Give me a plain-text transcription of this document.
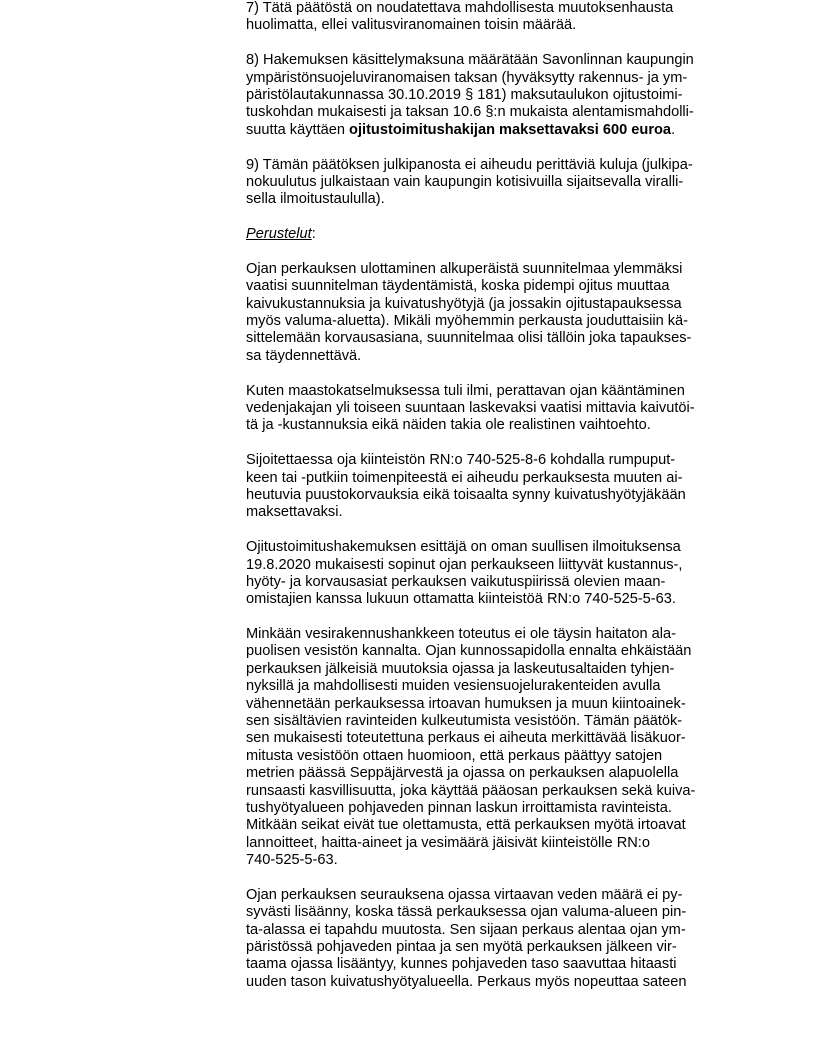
7) Tätä päätöstä on noudatettava mahdollisesta muutoksenhausta
huolimatta, ellei valitusviranomainen toisin määrää.
8) Hakemuksen käsittelymaksuna määrätään Savonlinnan kaupungin
ympäristönsuojeluviranomaisen taksan (hyväksytty rakennus- ja ym-
päristölautakunnassa 30.10.2019 § 181) maksutaulukon ojitustoimi-
tuskohdan mukaisesti ja taksan 10.6 §:n mukaista alentamismahdolli-
suutta käyttäen ojitustoimitushakijan maksettavaksi 600 euroa.
9) Tämän päätöksen julkipanosta ei aiheudu perittäviä kuluja (julkipa-
nokuulutus julkaistaan vain kaupungin kotisivuilla sijaitsevalla viralli-
sella ilmoitustaululla).
Perustelut:
Ojan perkauksen ulottaminen alkuperäistä suunnitelmaa ylemmäksi
vaatisi suunnitelman täydentämistä, koska pidempi ojitus muuttaa
kaivukustannuksia ja kuivatushyötyjä (ja jossakin ojitustapauksessa
myös valuma-aluetta). Mikäli myöhemmin perkausta jouduttaisiin kä-
sittelemään korvausasiana, suunnitelmaa olisi tällöin joka tapaukses-
sa täydennettävä.
Kuten maastokatselmuksessa tuli ilmi, perattavan ojan kääntäminen
vedenjakajan yli toiseen suuntaan laskevaksi vaatisi mittavia kaivutöi-
tä ja -kustannuksia eikä näiden takia ole realistinen vaihtoehto.
Sijoitettaessa oja kiinteistön RN:o 740-525-8-6 kohdalla rumpuput-
keen tai -putkiin toimenpiteestä ei aiheudu perkauksesta muuten ai-
heutuvia puustokorvauksia eikä toisaalta synny kuivatushyötyjäkään
maksettavaksi.
Ojitustoimitushakemuksen esittäjä on oman suullisen ilmoituksensa
19.8.2020 mukaisesti sopinut ojan perkaukseen liittyvät kustannus-,
hyöty- ja korvausasiat perkauksen vaikutuspiirissä olevien maan-
omistajien kanssa lukuun ottamatta kiinteistöä RN:o 740-525-5-63.
Minkään vesirakennushankkeen toteutus ei ole täysin haitaton ala-
puolisen vesistön kannalta. Ojan kunnossapidolla ennalta ehkäistään
perkauksen jälkeisiä muutoksia ojassa ja laskeutusaltaiden tyhjen-
nyksillä ja mahdollisesti muiden vesiensuojelurakenteiden avulla
vähennetään perkauksessa irtoavan humuksen ja muun kiintoainek-
sen sisältävien ravinteiden kulkeutumista vesistöön. Tämän päätök-
sen mukaisesti toteutettuna perkaus ei aiheuta merkittävää lisäkuor-
mitusta vesistöön ottaen huomioon, että perkaus päättyy satojen
metrien päässä Seppäjärvestä ja ojassa on perkauksen alapuolella
runsaasti kasvillisuutta, joka käyttää pääosan perkauksen sekä kuiva-
tushyötyalueen pohjaveden pinnan laskun irroittamista ravinteista.
Mitkään seikat eivät tue olettamusta, että perkauksen myötä irtoavat
lannoitteet, haitta-aineet ja vesimäärä jäisivät kiinteistölle RN:o
740-525-5-63.
Ojan perkauksen seurauksena ojassa virtaavan veden määrä ei py-
syvästi lisäänny, koska tässä perkauksessa ojan valuma-alueen pin-
ta-alassa ei tapahdu muutosta. Sen sijaan perkaus alentaa ojan ym-
päristössä pohjaveden pintaa ja sen myötä perkauksen jälkeen vir-
taama ojassa lisääntyy, kunnes pohjaveden taso saavuttaa hitaasti
uuden tason kuivatushyötyalueella. Perkaus myös nopeuttaa sateen
